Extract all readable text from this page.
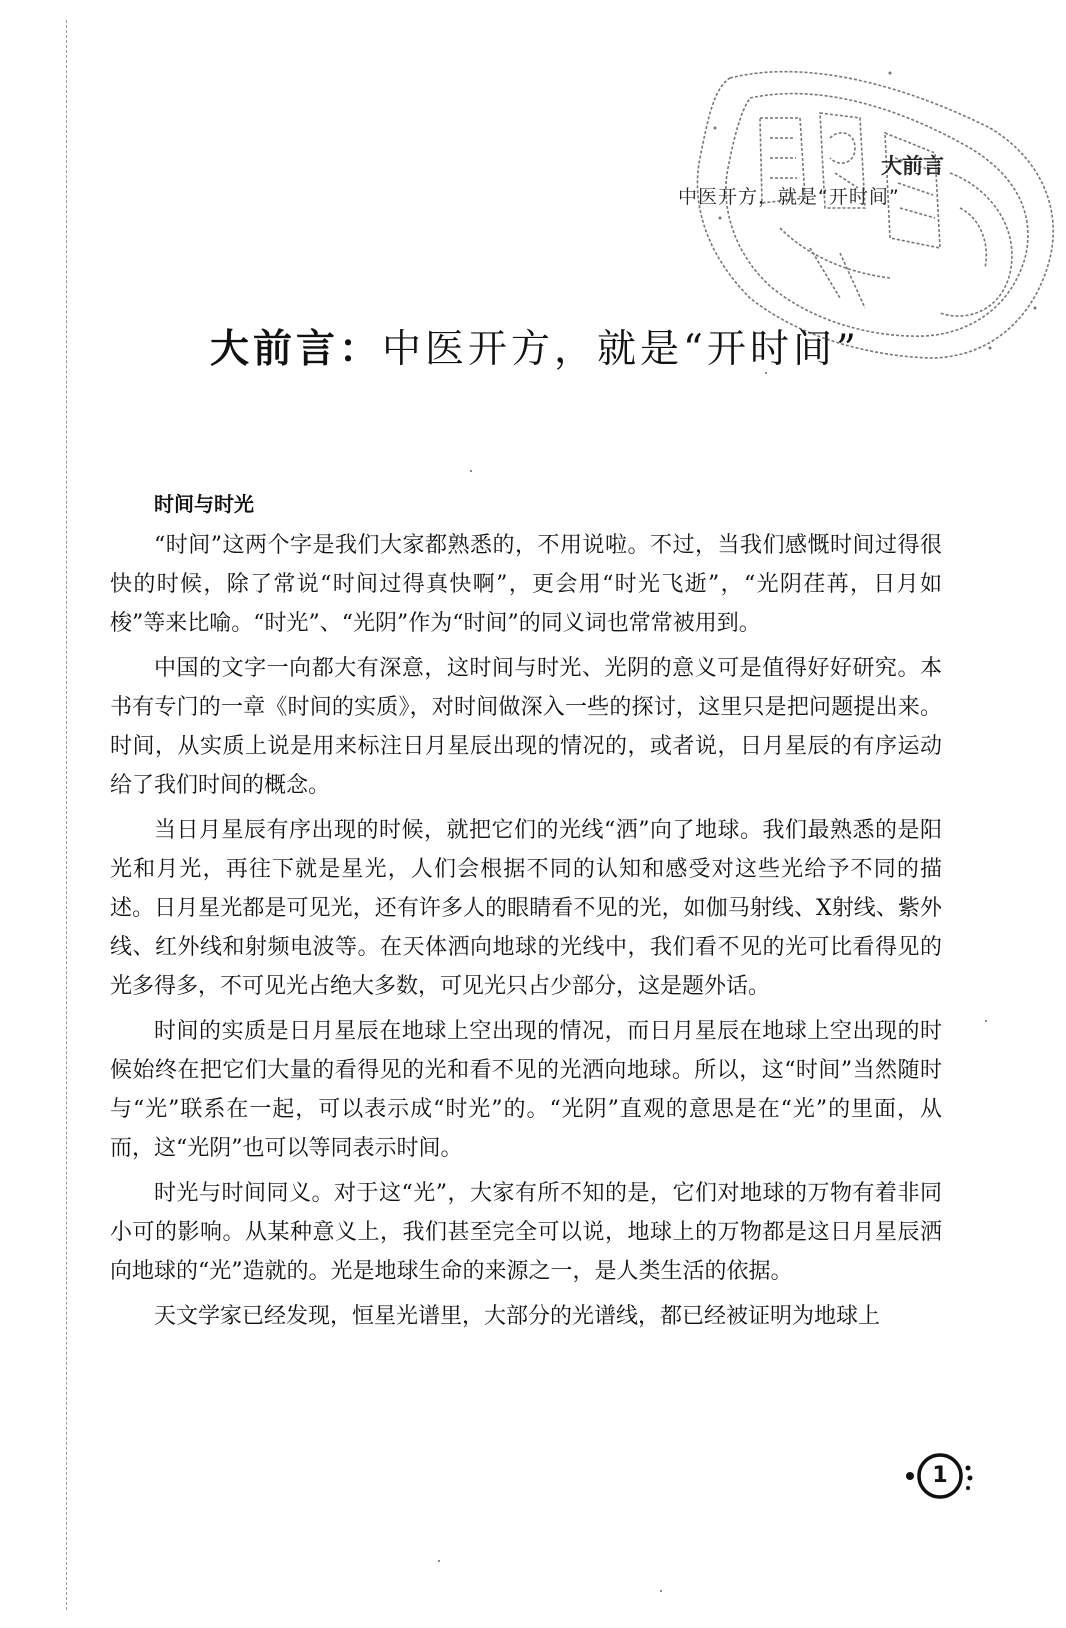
大前言
中医开方，就是“开时间”
大前言：中医开方，就是“开时间”
时间与时光

“时间”这两个字是我们大家都熟悉的，不用说啦。不过，当我们感慨时间过得很快的时候，除了常说“时间过得真快啊”，更会用“时光飞逝”，“光阴荏苒，日月如梭”等来比喻。“时光”、“光阴”作为“时间”的同义词也常常被用到。

中国的文字一向都大有深意，这时间与时光、光阴的意义可是值得好好研究。本书有专门的一章《时间的实质》，对时间做深入一些的探讨，这里只是把问题提出来。时间，从实质上说是用来标注日月星辰出现的情况的，或者说，日月星辰的有序运动给了我们时间的概念。

当日月星辰有序出现的时候，就把它们的光线“洒”向了地球。我们最熟悉的是阳光和月光，再往下就是星光，人们会根据不同的认知和感受对这些光给予不同的描述。日月星光都是可见光，还有许多人的眼睛看不见的光，如伽马射线、X射线、紫外线、红外线和射频电波等。在天体洒向地球的光线中，我们看不见的光可比看得见的光多得多，不可见光占绝大多数，可见光只占少部分，这是题外话。

时间的实质是日月星辰在地球上空出现的情况，而日月星辰在地球上空出现的时候始终在把它们大量的看得见的光和看不见的光洒向地球。所以，这“时间”当然随时与“光”联系在一起，可以表示成“时光”的。“光阴”直观的意思是在“光”的里面，从而，这“光阴”也可以等同表示时间。

时光与时间同义。对于这“光”，大家有所不知的是，它们对地球的万物有着非同小可的影响。从某种意义上，我们甚至完全可以说，地球上的万物都是这日月星辰洒向地球的“光”造就的。光是地球生命的来源之一，是人类生活的依据。

天文学家已经发现，恒星光谱里，大部分的光谱线，都已经被证明为地球上

1
